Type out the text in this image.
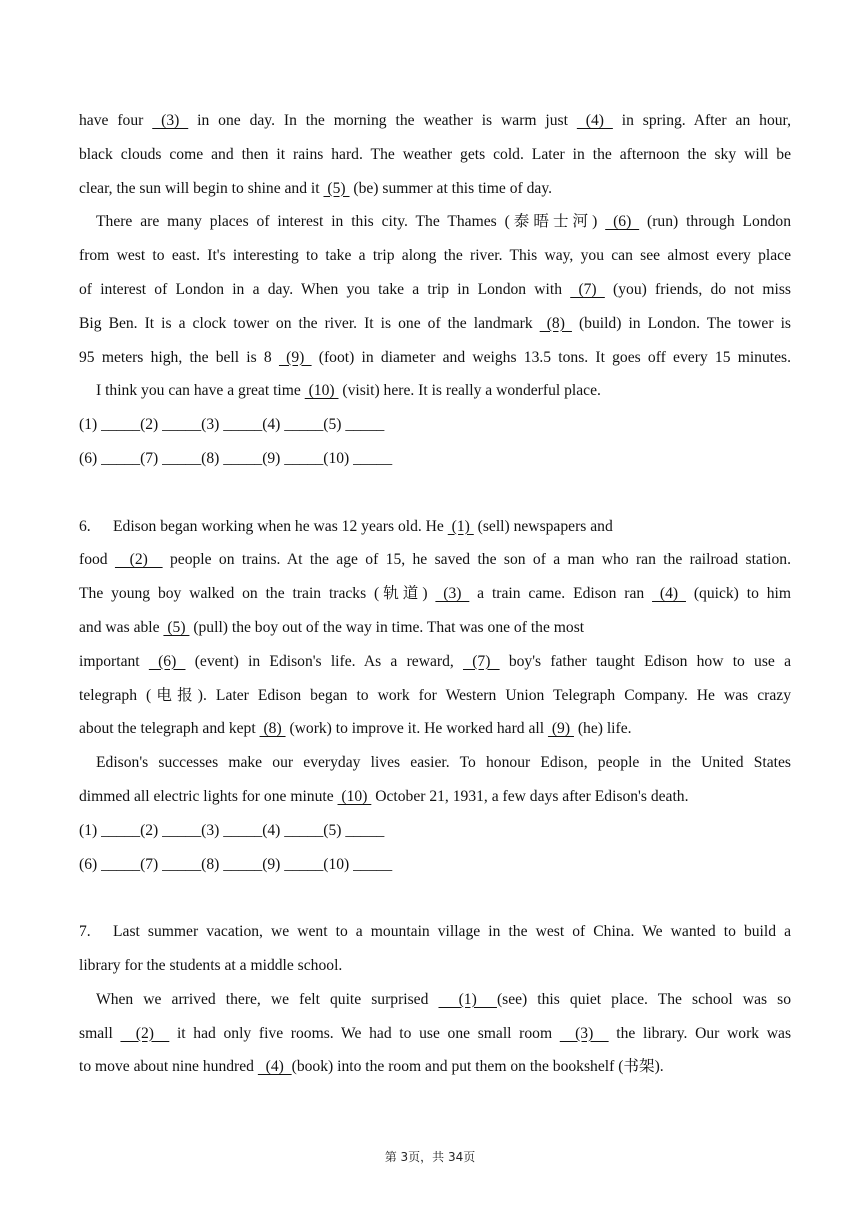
have four  (3)  in one day. In the morning the weather is warm just  (4)  in spring. After an hour,
black clouds come and then it rains hard. The weather gets cold. Later in the afternoon the sky will be
clear, the sun will begin to shine and it  (5)  (be) summer at this time of day.
There are many places of interest in this city. The Thames (泰晤士河)  (6)  (run) through London
from west to east. It's interesting to take a trip along the river. This way, you can see almost every place
of interest of London in a day. When you take a trip in London with  (7)  (you) friends, do not miss
Big Ben. It is a clock tower on the river. It is one of the landmark  (8)  (build) in London. The tower is
95 meters high, the bell is 8  (9)  (foot) in diameter and weighs 13.5 tons. It goes off every 15 minutes.
I think you can have a great time  (10)  (visit) here. It is really a wonderful place.
(1) _____(2) _____(3) _____(4) _____(5) _____
(6) _____(7) _____(8) _____(9) _____(10) _____
6. Edison began working when he was 12 years old. He  (1)  (sell) newspapers and
food   (2)   people on trains. At the age of 15, he saved the son of a man who ran the railroad station.
The young boy walked on the train tracks (轨道)  (3)  a train came. Edison ran  (4)  (quick) to him
and was able  (5)  (pull) the boy out of the way in time. That was one of the most
important  (6)  (event) in Edison's life. As a reward,  (7)  boy's father taught Edison how to use a
telegraph (电报). Later Edison began to work for Western Union Telegraph Company. He was crazy
about the telegraph and kept  (8)  (work) to improve it. He worked hard all  (9)  (he) life.
Edison's successes make our everyday lives easier. To honour Edison, people in the United States
dimmed all electric lights for one minute  (10)  October 21, 1931, a few days after Edison's death.
(1) _____(2) _____(3) _____(4) _____(5) _____
(6) _____(7) _____(8) _____(9) _____(10) _____
7. Last summer vacation, we went to a mountain village in the west of China. We wanted to build a
library for the students at a middle school.
When we arrived there, we felt quite surprised   (1)  (see) this quiet place. The school was so
small   (2)   it had only five rooms. We had to use one small room   (3)   the library. Our work was
to move about nine hundred   (4)  (book) into the room and put them on the bookshelf (书架).
第 3页，共 34页
